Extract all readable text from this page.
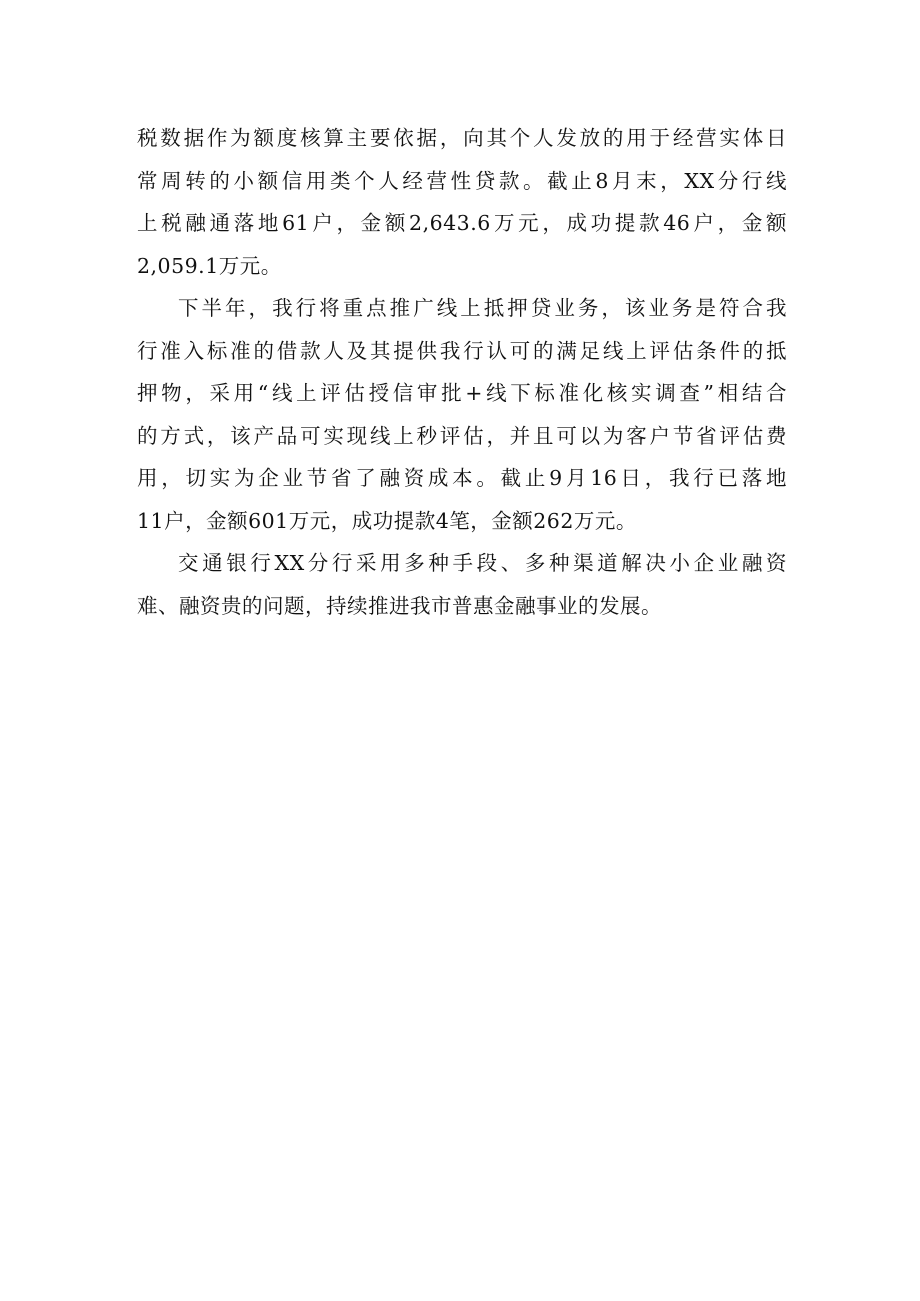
税数据作为额度核算主要依据，向其个人发放的用于经营实体日
常周转的小额信用类个人经营性贷款。截止8月末，XX分行线
上税融通落地61户，金额2,643.6万元，成功提款46户，金额
2,059.1万元。
下半年，我行将重点推广线上抵押贷业务，该业务是符合我
行准入标准的借款人及其提供我行认可的满足线上评估条件的抵
押物，采用“线上评估授信审批+线下标准化核实调查”相结合
的方式，该产品可实现线上秒评估，并且可以为客户节省评估费
用，切实为企业节省了融资成本。截止9月16日，我行已落地
11户，金额601万元，成功提款4笔，金额262万元。
交通银行XX分行采用多种手段、多种渠道解决小企业融资
难、融资贵的问题，持续推进我市普惠金融事业的发展。
